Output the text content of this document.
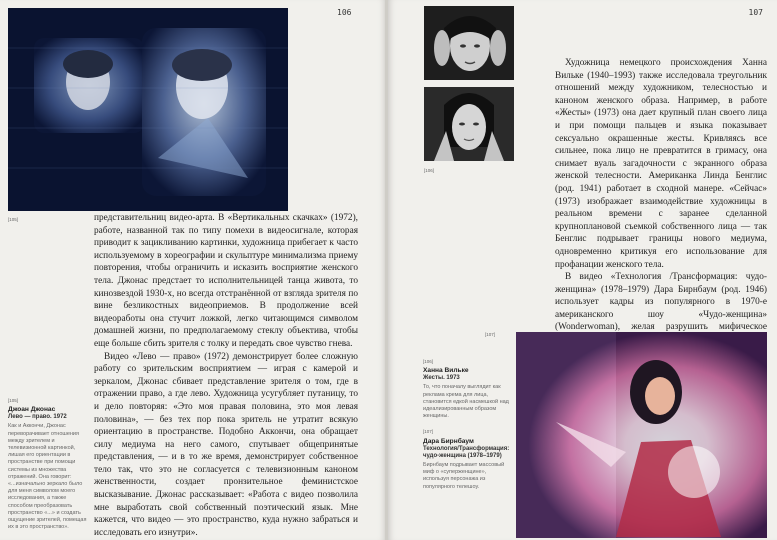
106
[105]	представительниц видео-арта. В «Вертикальных скачках» (1972), работе, названной так по типу помехи в видеосигнале, которая приводит к зацикливанию картинки, художница прибегает к часто используемому в хореографии и скульптуре минимализма приему повторения, чтобы ограничить и исказить восприятие женского тела. Джонас предстает то исполнительницей танца живота, то кинозвездой 1930-х, но всегда отстранённой от взгляда зрителя по вине безликостных видеоприемов. В продолжение всей видеоработы она стучит ложкой, легко читающимся символом домашней жизни, по предполагаемому стеклу объектива, чтобы еще больше сбить зрителя с толку и передать свое чувство гнева.

Видео «Лево — право» (1972) демонстрирует более сложную работу со зрительским восприятием — играя с камерой и зеркалом, Джонас сбивает представление зрителя о том, где в отражении право, а где лево. Художница усугубляет путаницу, то и дело повторяя: «Это моя правая половина, это моя левая половина», — без тех пор пока зритель не утратит всякую ориентацию в пространстве. Подобно Аккончи, она обращает силу медиума на него самого, спутывает общепринятые представления, — и в то же время, демонстрирует собственное тело так, что это не согласуется с телевизионным каноном женственности, создает пронзительное феминистское высказывание. Джонас рассказывает: «Работа с видео позволила мне выработать свой собственный поэтический язык. Мне кажется, что видео — это пространство, куда нужно забраться и исследовать его изнутри».

[105]
Джоан Джонас
Лево — право. 1972
Как и Аккончи, Джонас переворачивает отношения между зрителем и телевизионной картинкой, лишая его ориентации в пространстве при помощи системы из множества отражений. Она говорит: «...изначально зеркало было для меня символом моего исследования, а также способом преобразовать пространство «...» и создать ощущение зрителей, помещая их в это пространство».
107
[106]

Художница немецкого происхождения Ханна Вильке (1940–1993) также исследовала треугольник отношений между художником, телесностью и каноном женского образа. Например, в работе «Жесты» (1973) она дает крупный план своего лица и при помощи пальцев и языка показывает сексуально окрашенные жесты. Кривляясь все сильнее, пока лицо не превратится в гримасу, она снимает вуаль загадочности с экранного образа женской телесности. Американка Линда Бенглис (род. 1941) работает в сходной манере. «Сейчас» (1973) изображает взаимодействие художницы в реальном времени с заранее сделанной крупноплановой съемкой собственного лица — так Бенглис подрывает границы нового медиума, одновременно критикуя его использование для профанации женского тела.

В видео «Технология /Трансформация: чудо-женщина» (1978–1979) Дара Бирнбаум (род. 1946) использует кадры из популярного в 1970-е американского шоу «Чудо-женщина» (Wonderwoman), желая разрушить мифическое

[107]
[106]
Ханна Вильке
Жесты. 1973
То, что поначалу выглядит как реклама крема для лица, становится едкой насмешкой над идеализированным образом женщины.
[107]
Дара Бирнбаум
Технология/Трансформация: чудо-женщина (1978–1979)
Бирнбаум подрывает массовый миф о «суперженщине», используя персонажа из популярного телешоу.
